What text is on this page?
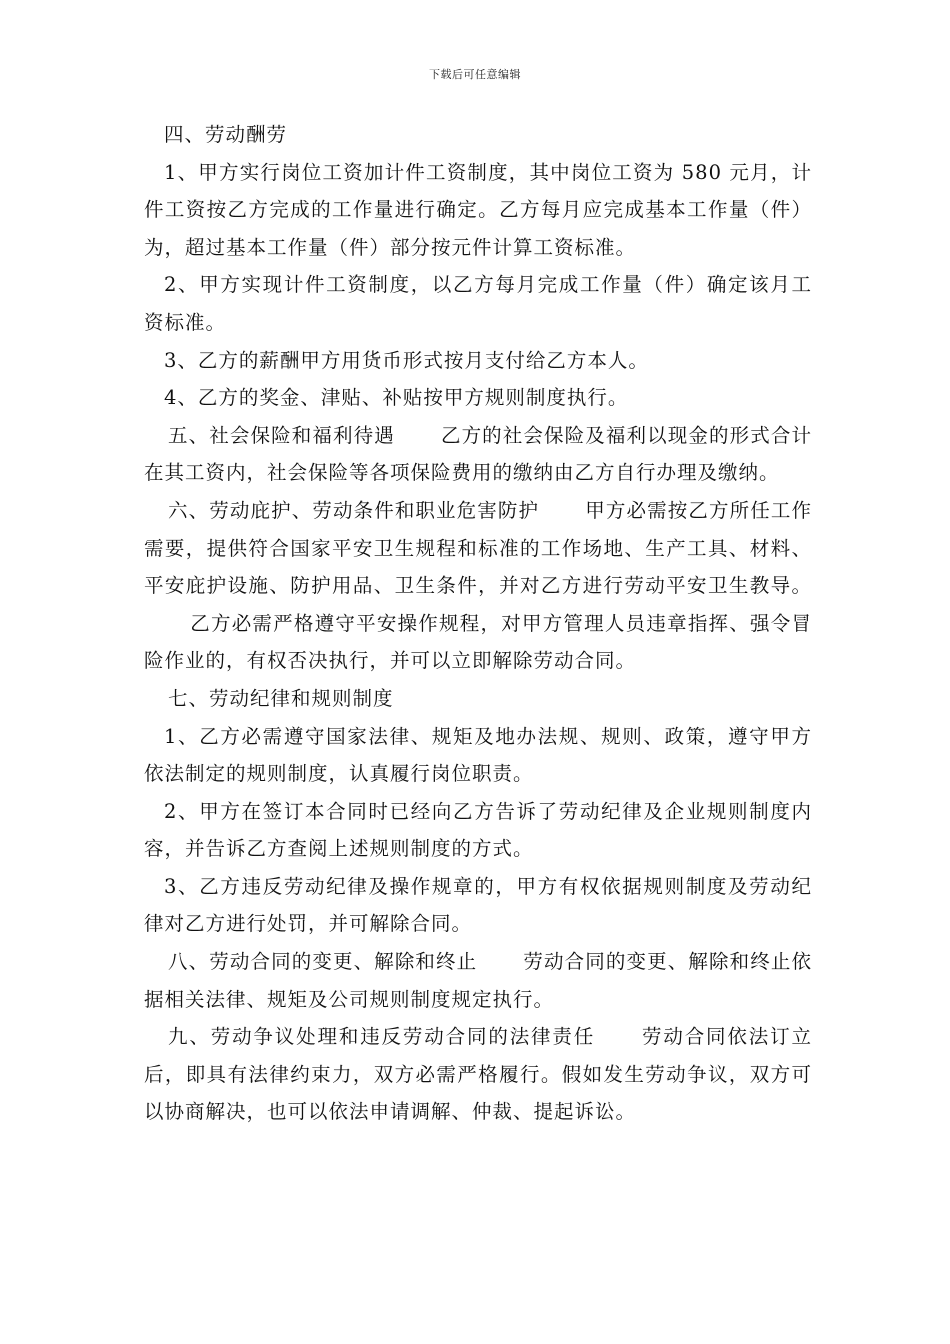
下载后可任意编辑

四、劳动酬劳

1、甲方实行岗位工资加计件工资制度，其中岗位工资为 580 元月，计件工资按乙方完成的工作量进行确定。乙方每月应完成基本工作量（件）为，超过基本工作量（件）部分按元件计算工资标准。

2、甲方实现计件工资制度，以乙方每月完成工作量（件）确定该月工资标准。

3、乙方的薪酬甲方用货币形式按月支付给乙方本人。

4、乙方的奖金、津贴、补贴按甲方规则制度执行。

五、社会保险和福利待遇 乙方的社会保险及福利以现金的形式合计在其工资内，社会保险等各项保险费用的缴纳由乙方自行办理及缴纳。

六、劳动庇护、劳动条件和职业危害防护 甲方必需按乙方所任工作需要，提供符合国家平安卫生规程和标准的工作场地、生产工具、材料、平安庇护设施、防护用品、卫生条件，并对乙方进行劳动平安卫生教导。乙方必需严格遵守平安操作规程，对甲方管理人员违章指挥、强令冒险作业的，有权否决执行，并可以立即解除劳动合同。

七、劳动纪律和规则制度

1、乙方必需遵守国家法律、规矩及地办法规、规则、政策，遵守甲方依法制定的规则制度，认真履行岗位职责。

2、甲方在签订本合同时已经向乙方告诉了劳动纪律及企业规则制度内容，并告诉乙方查阅上述规则制度的方式。

3、乙方违反劳动纪律及操作规章的，甲方有权依据规则制度及劳动纪律对乙方进行处罚，并可解除合同。

八、劳动合同的变更、解除和终止 劳动合同的变更、解除和终止依据相关法律、规矩及公司规则制度规定执行。

九、劳动争议处理和违反劳动合同的法律责任 劳动合同依法订立后，即具有法律约束力，双方必需严格履行。假如发生劳动争议，双方可以协商解决，也可以依法申请调解、仲裁、提起诉讼。
